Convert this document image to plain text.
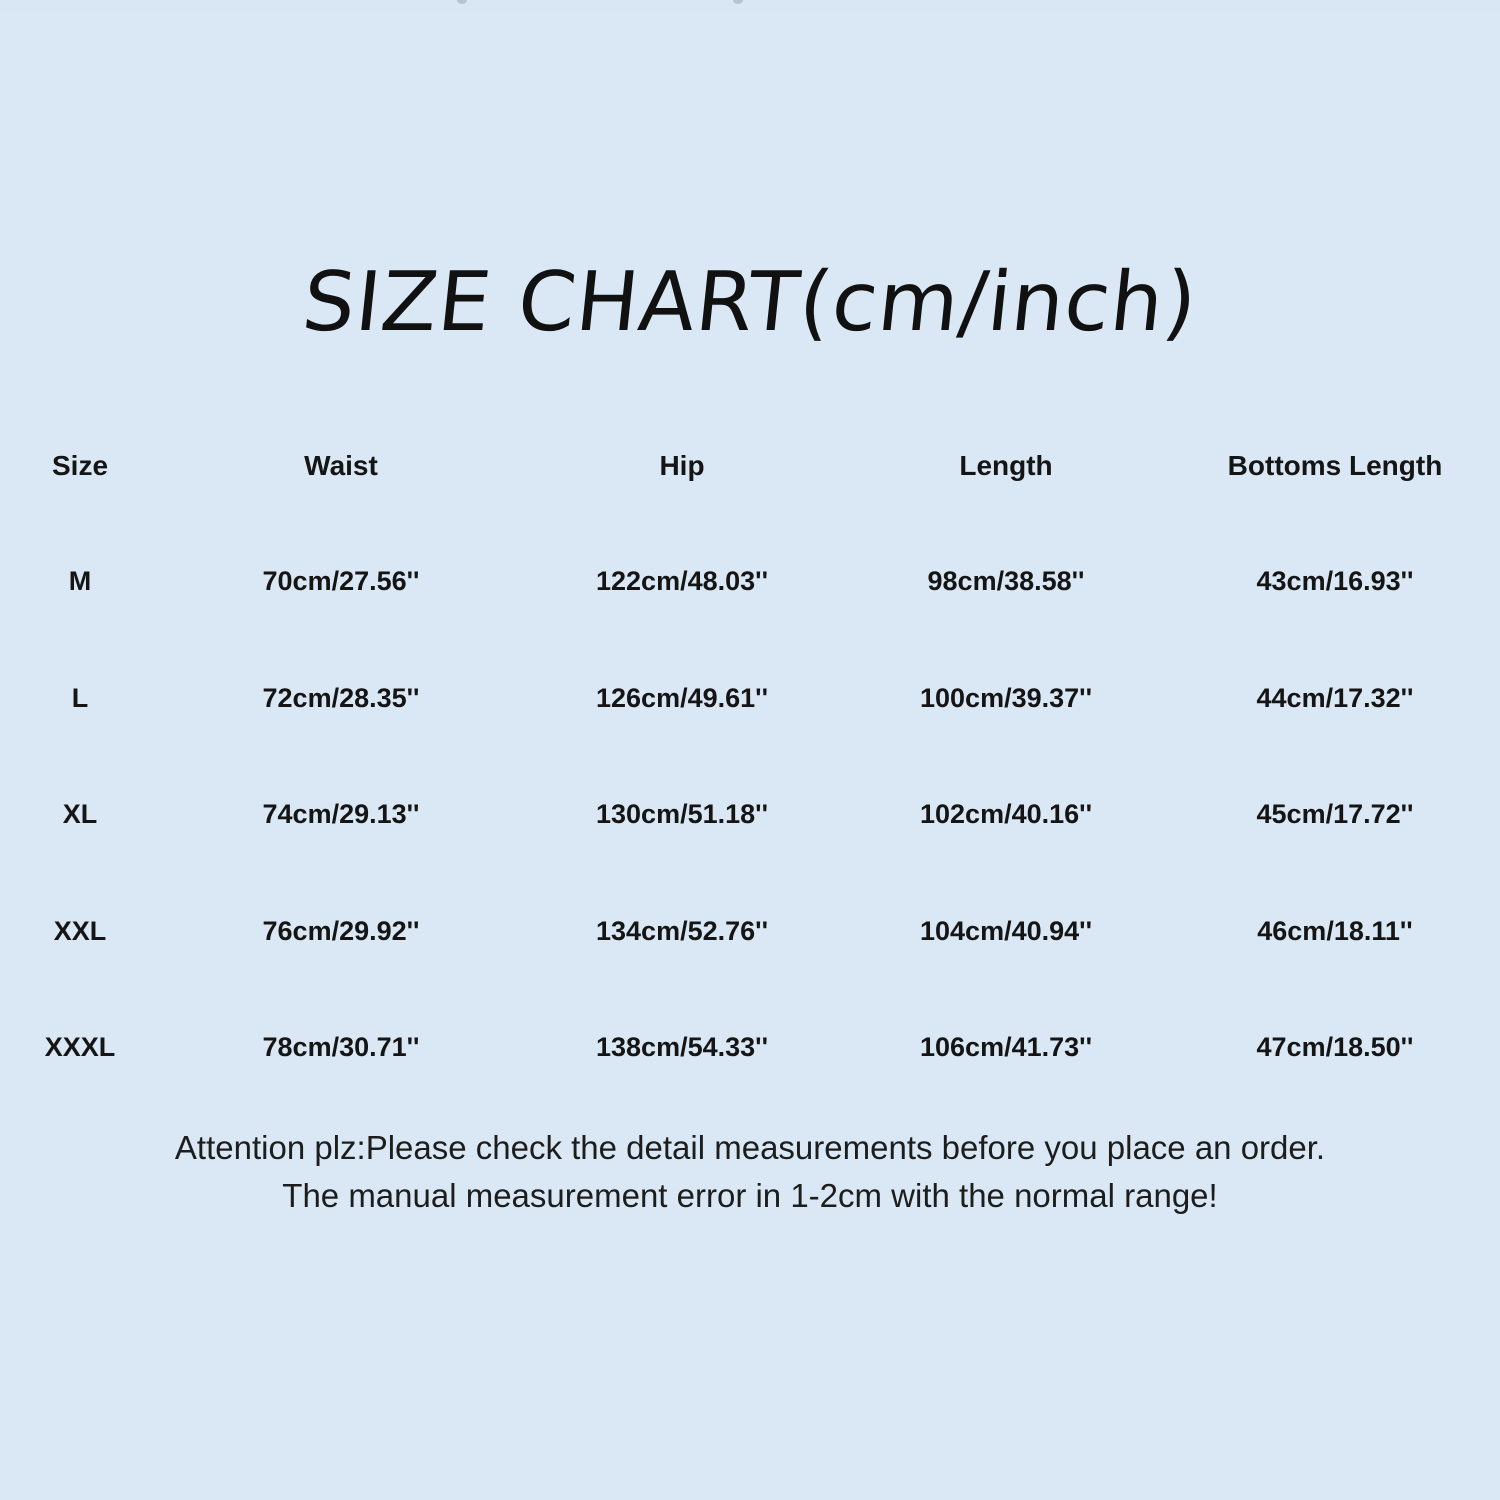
SIZE CHART(cm/inch)
Size	Waist	Hip	Length	Bottoms Length
M	70cm/27.56''	122cm/48.03''	98cm/38.58''	43cm/16.93''
L	72cm/28.35''	126cm/49.61''	100cm/39.37''	44cm/17.32''
XL	74cm/29.13''	130cm/51.18''	102cm/40.16''	45cm/17.72''
XXL	76cm/29.92''	134cm/52.76''	104cm/40.94''	46cm/18.11''
XXXL	78cm/30.71''	138cm/54.33''	106cm/41.73''	47cm/18.50''
Attention plz:Please check the detail measurements before you place an order.
The manual measurement error in 1-2cm with the normal range!
